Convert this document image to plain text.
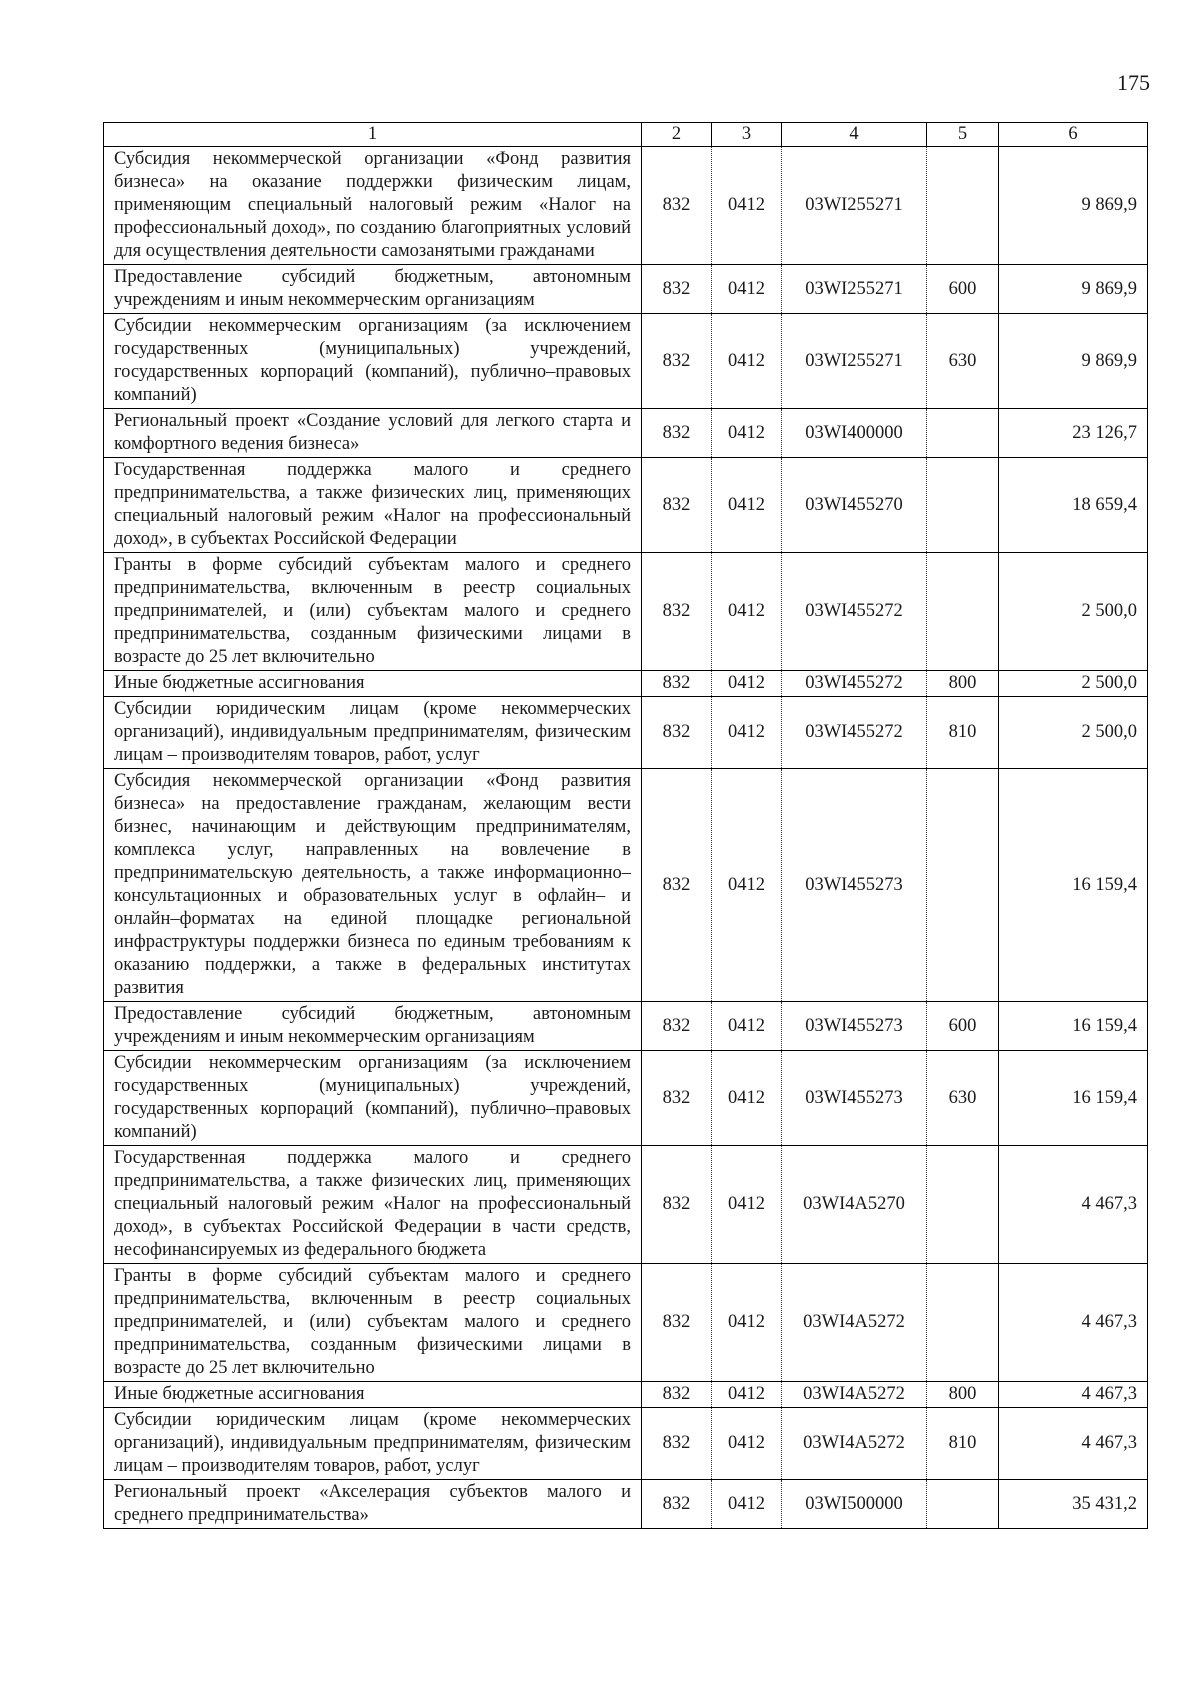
175
1	2	3	4	5	6
Субсидия некоммерческой организации «Фонд развития бизнеса» на оказание поддержки физическим лицам, применяющим специальный налоговый режим «Налог на профессиональный доход», по созданию благоприятных условий для осуществления деятельности самозанятыми гражданами	832	0412	03WI255271		9 869,9
Предоставление субсидий бюджетным, автономным учреждениям и иным некоммерческим организациям	832	0412	03WI255271	600	9 869,9
Субсидии некоммерческим организациям (за исключением государственных (муниципальных) учреждений, государственных корпораций (компаний), публично–правовых компаний)	832	0412	03WI255271	630	9 869,9
Региональный проект «Создание условий для легкого старта и комфортного ведения бизнеса»	832	0412	03WI400000		23 126,7
Государственная поддержка малого и среднего предпринимательства, а также физических лиц, применяющих специальный налоговый режим «Налог на профессиональный доход», в субъектах Российской Федерации	832	0412	03WI455270		18 659,4
Гранты в форме субсидий субъектам малого и среднего предпринимательства, включенным в реестр социальных предпринимателей, и (или) субъектам малого и среднего предпринимательства, созданным физическими лицами в возрасте до 25 лет включительно	832	0412	03WI455272		2 500,0
Иные бюджетные ассигнования	832	0412	03WI455272	800	2 500,0
Субсидии юридическим лицам (кроме некоммерческих организаций), индивидуальным предпринимателям, физическим лицам – производителям товаров, работ, услуг	832	0412	03WI455272	810	2 500,0
Субсидия некоммерческой организации «Фонд развития бизнеса» на предоставление гражданам, желающим вести бизнес, начинающим и действующим предпринимателям, комплекса услуг, направленных на вовлечение в предпринимательскую деятельность, а также информационно–консультационных и образовательных услуг в офлайн– и онлайн–форматах на единой площадке региональной инфраструктуры поддержки бизнеса по единым требованиям к оказанию поддержки, а также в федеральных институтах развития	832	0412	03WI455273		16 159,4
Предоставление субсидий бюджетным, автономным учреждениям и иным некоммерческим организациям	832	0412	03WI455273	600	16 159,4
Субсидии некоммерческим организациям (за исключением государственных (муниципальных) учреждений, государственных корпораций (компаний), публично–правовых компаний)	832	0412	03WI455273	630	16 159,4
Государственная поддержка малого и среднего предпринимательства, а также физических лиц, применяющих специальный налоговый режим «Налог на профессиональный доход», в субъектах Российской Федерации в части средств, несофинансируемых из федерального бюджета	832	0412	03WI4A5270		4 467,3
Гранты в форме субсидий субъектам малого и среднего предпринимательства, включенным в реестр социальных предпринимателей, и (или) субъектам малого и среднего предпринимательства, созданным физическими лицами в возрасте до 25 лет включительно	832	0412	03WI4A5272		4 467,3
Иные бюджетные ассигнования	832	0412	03WI4A5272	800	4 467,3
Субсидии юридическим лицам (кроме некоммерческих организаций), индивидуальным предпринимателям, физическим лицам – производителям товаров, работ, услуг	832	0412	03WI4A5272	810	4 467,3
Региональный проект «Акселерация субъектов малого и среднего предпринимательства»	832	0412	03WI500000		35 431,2
